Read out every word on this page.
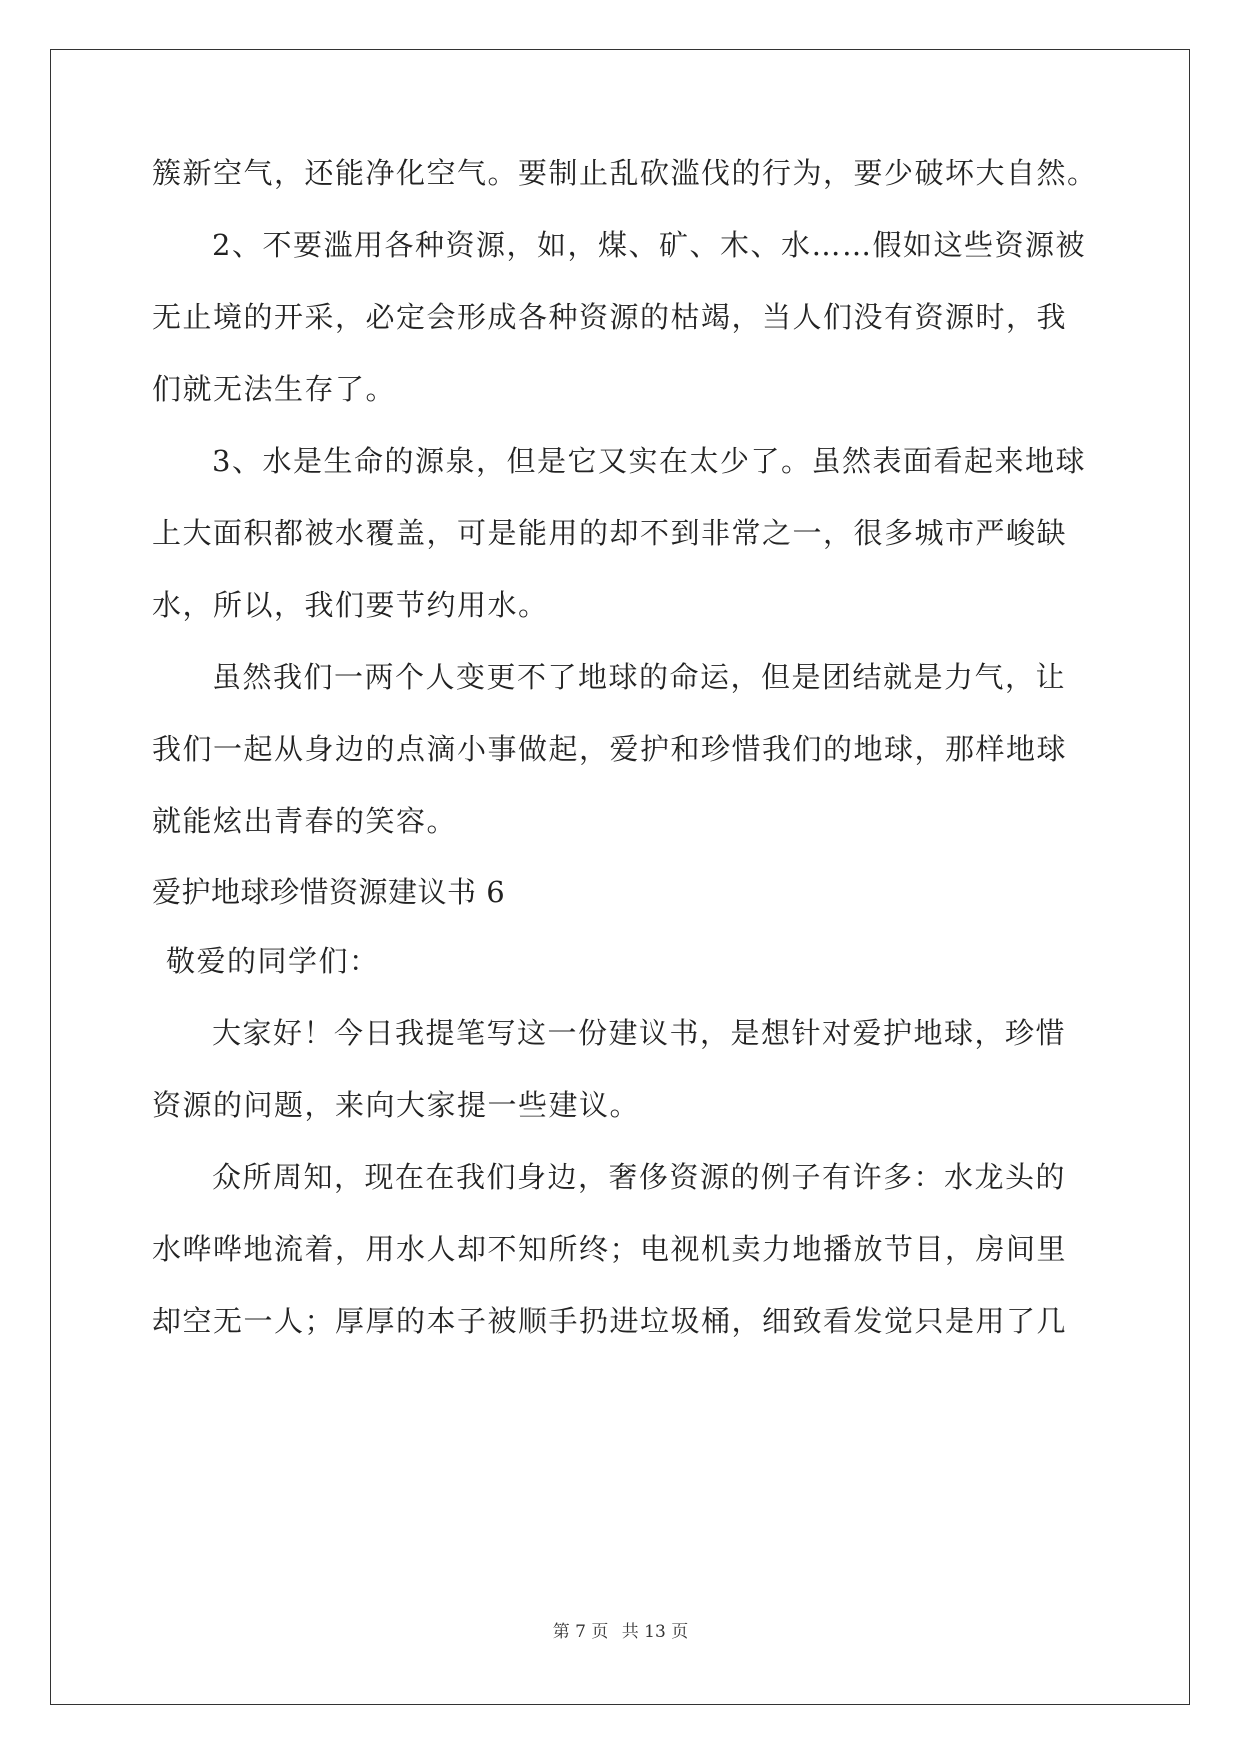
簇新空气，还能净化空气。要制止乱砍滥伐的行为，要少破坏大自然。
2、不要滥用各种资源，如，煤、矿、木、水……假如这些资源被
无止境的开采，必定会形成各种资源的枯竭，当人们没有资源时，我
们就无法生存了。
3、水是生命的源泉，但是它又实在太少了。虽然表面看起来地球
上大面积都被水覆盖，可是能用的却不到非常之一，很多城市严峻缺
水，所以，我们要节约用水。
虽然我们一两个人变更不了地球的命运，但是团结就是力气，让
我们一起从身边的点滴小事做起，爱护和珍惜我们的地球，那样地球
就能炫出青春的笑容。
爱护地球珍惜资源建议书 6
敬爱的同学们：
大家好！今日我提笔写这一份建议书，是想针对爱护地球，珍惜
资源的问题，来向大家提一些建议。
众所周知，现在在我们身边，奢侈资源的例子有许多：水龙头的
水哗哗地流着，用水人却不知所终；电视机卖力地播放节目，房间里
却空无一人；厚厚的本子被顺手扔进垃圾桶，细致看发觉只是用了几
第 7 页 共 13 页
